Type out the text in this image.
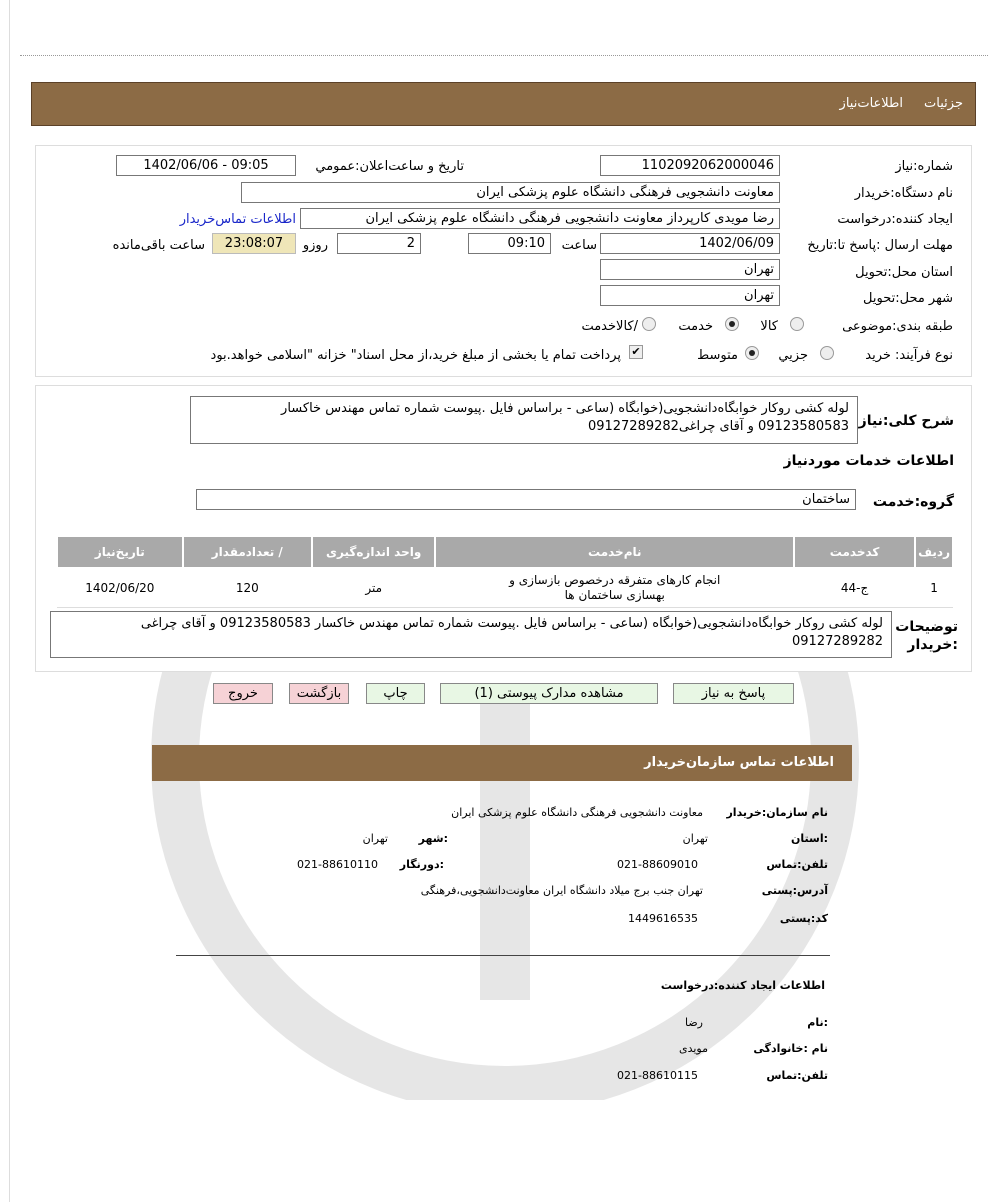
جزئیات
اطلاعات‌نیاز
شماره:نیاز
1102092062000046
تاریخ و ساعت‌اعلان:عمومي
1402/06/06 - 09:05
نام دستگاه:خریدار
معاونت دانشجویی فرهنگی دانشگاه علوم پزشکی ایران
ایجاد کننده:درخواست
رضا مویدی کارپرداز معاونت دانشجویی فرهنگی دانشگاه علوم پزشکی ایران
اطلاعات تماس‌خریدار
مهلت ارسال :پاسخ تا:تاریخ
1402/06/09
ساعت
09:10
2
روزو
23:08:07
ساعت باقی‌مانده
استان محل:تحویل
تهران
شهر محل:تحویل
تهران
طبقه بندی:موضوعی
کالا
خدمت
/کالاخدمت
نوع فرآیند: خرید
جزیي
متوسط
✔
پرداخت تمام یا بخشی از مبلغ خرید،از محل اسناد" خزانه "اسلامی خواهد.بود
شرح کلی:نیاز
لوله کشی روکار خوابگاه‌دانشجویی(خوابگاه (ساعی - براساس فایل .پیوست شماره تماس مهندس خاکسار 09123580583 و آقای چراغی09127289282
اطلاعات خدمات موردنیاز
گروه:خدمت
ساختمان
ردیف	کدخدمت	نام‌خدمت	واحد اندازه‌گیری	/ تعدادمقدار	تاریخ‌نیاز
1	ج-44	انجام کارهای متفرقه درخصوص بازسازی و بهسازی ساختمان ها	متر	120	1402/06/20
توضیحات :خریدار
لوله کشی روکار خوابگاه‌دانشجویی(خوابگاه (ساعی - براساس فایل .پیوست شماره تماس مهندس خاکسار 09123580583 و آقای چراغی 09127289282
پاسخ به نیاز
مشاهده مدارک پیوستی (1)
چاپ
بازگشت
خروج
اطلاعات تماس سازمان‌خریدار
نام سازمان:خریدار
معاونت دانشجویی فرهنگی دانشگاه علوم پزشکی ایران
:استان
تهران
:شهر
تهران
تلفن:تماس
021-88609010
:دورنگار
021-88610110
آدرس:پستی
تهران جنب برج میلاد دانشگاه ایران معاونت‌دانشجویی،فرهنگی
کد:پستی
1449616535
اطلاعات ایجاد کننده:درخواست
:نام
رضا
نام :خانوادگی
مویدی
تلفن:تماس
021-88610115
